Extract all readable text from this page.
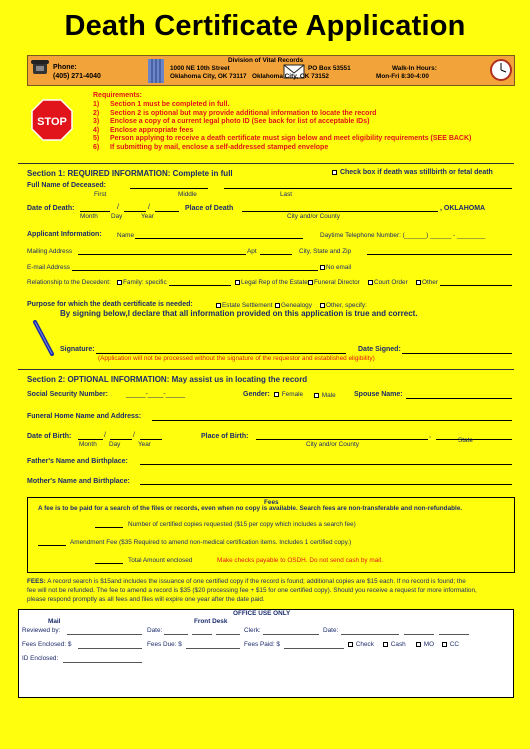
Death Certificate Application
Phone:
(405) 271-4040
Division of Vital Records
1000 NE 10th Street
Oklahoma City, OK 73117
PO Box 53551
Oklahoma City, OK 73152
Walk-In Hours:
Mon-Fri 8:30-4:00
STOP
Requirements:
1) Section 1 must be completed in full.
2) Section 2 is optional but may provide additional information to locate the record
3) Enclose a copy of a current legal photo ID (See back for list of acceptable IDs)
4) Enclose appropriate fees
5) Person applying to receive a death certificate must sign below and meet eligibility requirements (SEE BACK)
6) If submitting by mail, enclose a self-addressed stamped envelope
Section 1: REQUIRED INFORMATION: Complete in full	Check box if death was stillbirth or fetal death
Full Name of Deceased:
First	Middle	Last
Date of Death:	/	/
Month Day	Year
Place of Death	, OKLAHOMA
City and/or County
Applicant Information: Name	Daytime Telephone Number: (______) ______ - ________
Mailing Address	Apt	City, State and Zip
E-mail Address	No email
Relationship to the Decedent:	Family: specific	Legal Rep of the Estate Funeral Director	Court Order	Other
Purpose for which the death certificate is needed:	Estate Settlement	Genealogy	Other, specify:
By signing below,I declare that all information provided on this application is true and correct.
Signature:	Date Signed:
(Application will not be processed without the signature of the requestor and established eligibility)
Section 2: OPTIONAL INFORMATION: May assist us in locating the record
Social Security Number:	_____-____-_____	Gender:	Female	Male	Spouse Name:
Funeral Home Name and Address:
Date of Birth:	/	/
Month Day	Year
Place of Birth:	,
City and/or County
State
Father's Name and Birthplace:
Mother's Name and Birthplace:
Fees
A fee is to be paid for a search of the files or records, even when no copy is available. Search fees are non-transferable and non-refundable.
Number of certified copies requested ($15 per copy which includes a search fee)
Amendment Fee ($35 Required to amend non-medical certification items. Includes 1 certified copy.)
Total Amount enclosed	Make checks payable to OSDH. Do not send cash by mail.
FEES: A record search is $15and includes the issuance of one certified copy if the record is found; additional copies are $15 each. If no record is found; the
fee will not be refunded. The fee to amend a record is $35 ($20 processing fee + $15 for one certified copy). Should you receive a request for more information,
please respond promptly as all fees and files will expire one year after the date paid.
OFFICE USE ONLY
Mail	Front Desk
Reviewed by:	Date:	Clerk:	Date:
Fees Enclosed: $	Fees Due: $	Fees Paid: $	Check	Cash	MO	CC
ID Enclosed:
